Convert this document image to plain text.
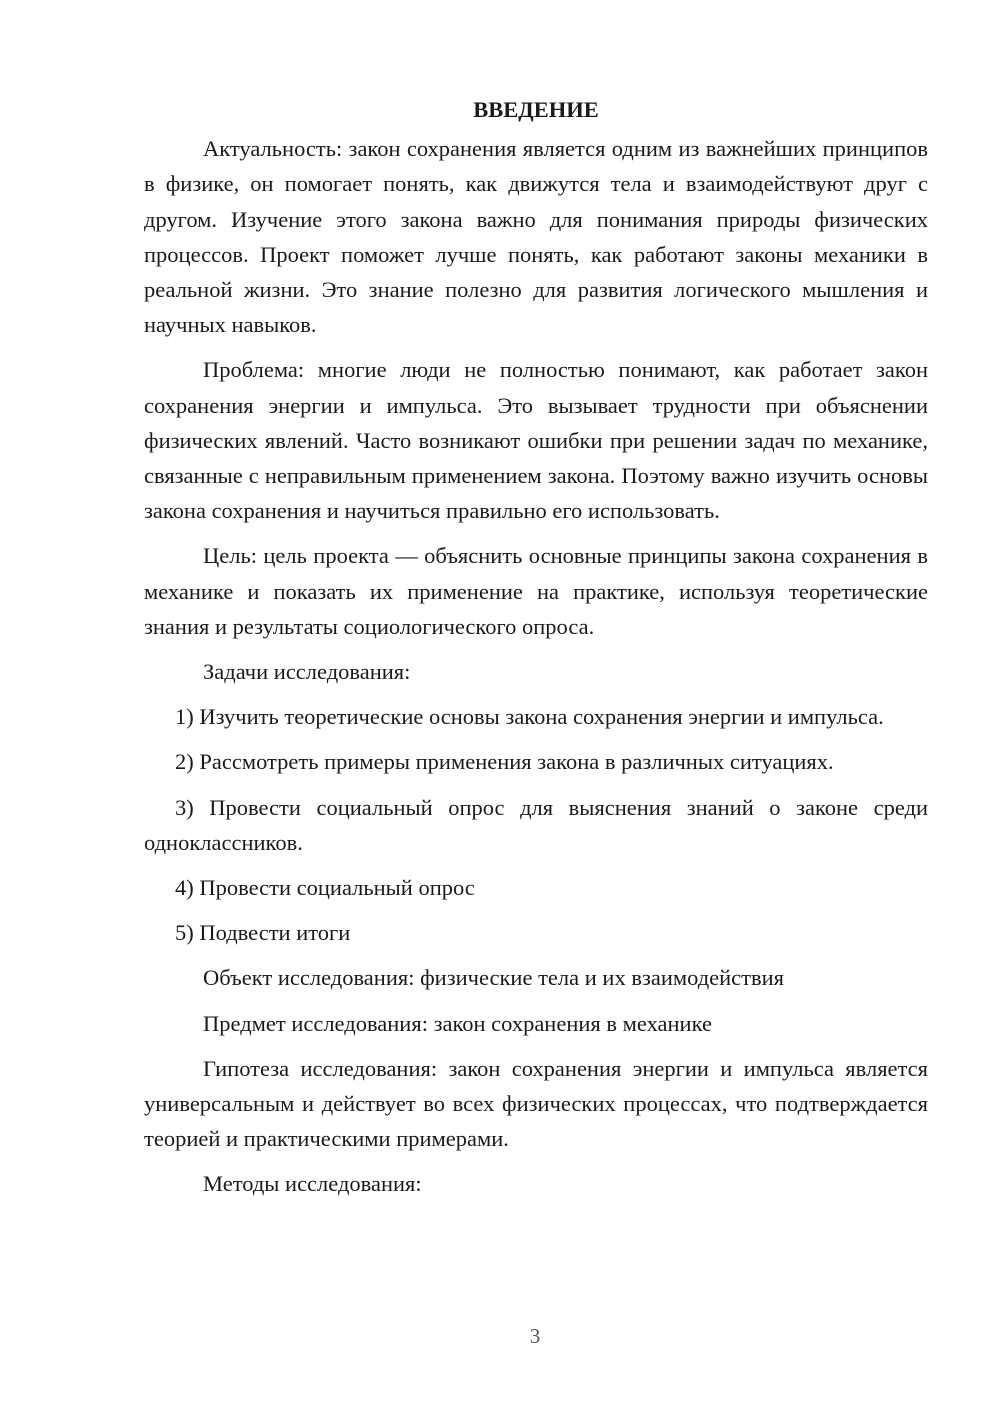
ВВЕДЕНИЕ

Актуальность: закон сохранения является одним из важнейших принципов в физике, он помогает понять, как движутся тела и взаимодействуют друг с другом. Изучение этого закона важно для понимания природы физических процессов. Проект поможет лучше понять, как работают законы механики в реальной жизни. Это знание полезно для развития логического мышления и научных навыков.

Проблема: многие люди не полностью понимают, как работает закон сохранения энергии и импульса. Это вызывает трудности при объяснении физических явлений. Часто возникают ошибки при решении задач по механике, связанные с неправильным применением закона. Поэтому важно изучить основы закона сохранения и научиться правильно его использовать.

Цель: цель проекта — объяснить основные принципы закона сохранения в механике и показать их применение на практике, используя теоретические знания и результаты социологического опроса.

Задачи исследования:

1) Изучить теоретические основы закона сохранения энергии и импульса.

2) Рассмотреть примеры применения закона в различных ситуациях.

3) Провести социальный опрос для выяснения знаний о законе среди одноклассников.

4) Провести социальный опрос

5) Подвести итоги

Объект исследования: физические тела и их взаимодействия

Предмет исследования: закон сохранения в механике

Гипотеза исследования: закон сохранения энергии и импульса является универсальным и действует во всех физических процессах, что подтверждается теорией и практическими примерами.

Методы исследования:

3
